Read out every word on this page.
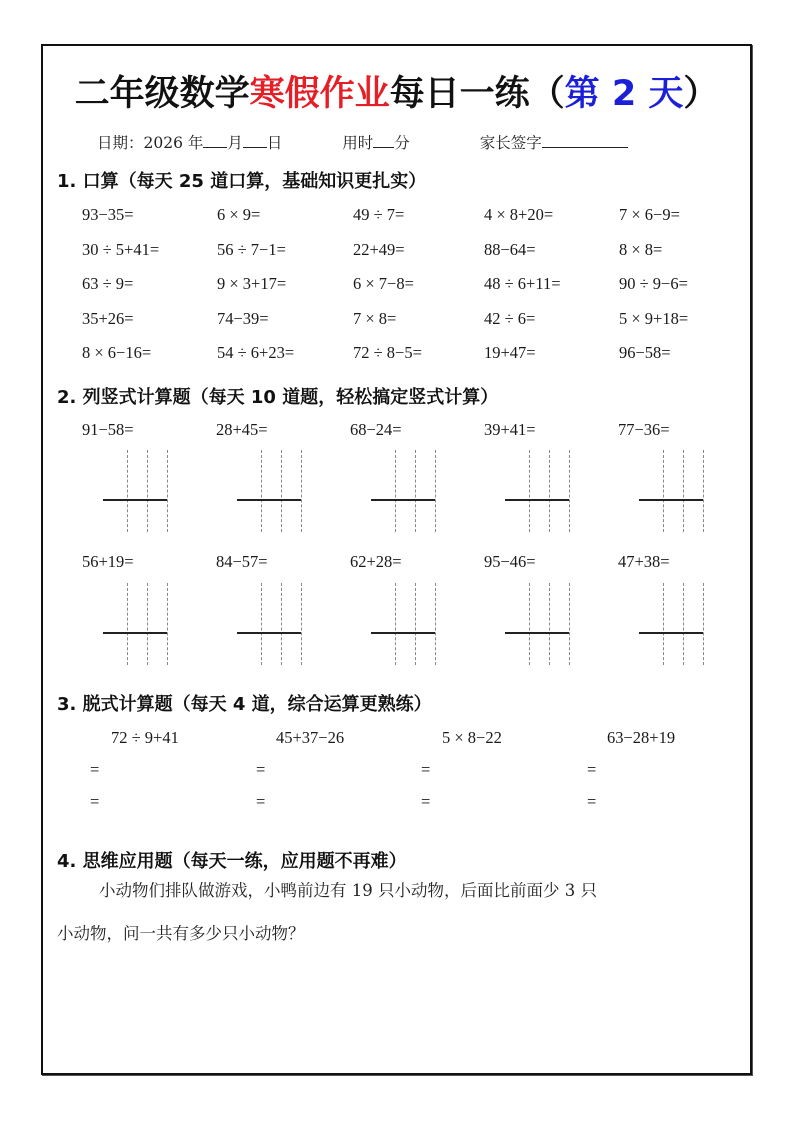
二年级数学寒假作业每日一练（第 2 天）
日期：2026 年 月 日	用时 分	家长签字
1. 口算（每天 25 道口算，基础知识更扎实）
93−35=	6 × 9=	49 ÷ 7=	4 × 8+20=	7 × 6−9=
30 ÷ 5+41=	56 ÷ 7−1=	22+49=	88−64=	8 × 8=
63 ÷ 9=	9 × 3+17=	6 × 7−8=	48 ÷ 6+11=	90 ÷ 9−6=
35+26=	74−39=	7 × 8=	42 ÷ 6=	5 × 9+18=
8 × 6−16=	54 ÷ 6+23=	72 ÷ 8−5=	19+47=	96−58=
2. 列竖式计算题（每天 10 道题，轻松搞定竖式计算）
91−58=	28+45=	68−24=	39+41=	77−36=
56+19=	84−57=	62+28=	95−46=	47+38=
3. 脱式计算题（每天 4 道，综合运算更熟练）
72 ÷ 9+41	45+37−26	5 × 8−22	63−28+19
=	=	=	=
=	=	=	=
4. 思维应用题（每天一练，应用题不再难）
小动物们排队做游戏，小鸭前边有 19 只小动物，后面比前面少 3 只
小动物，问一共有多少只小动物？
